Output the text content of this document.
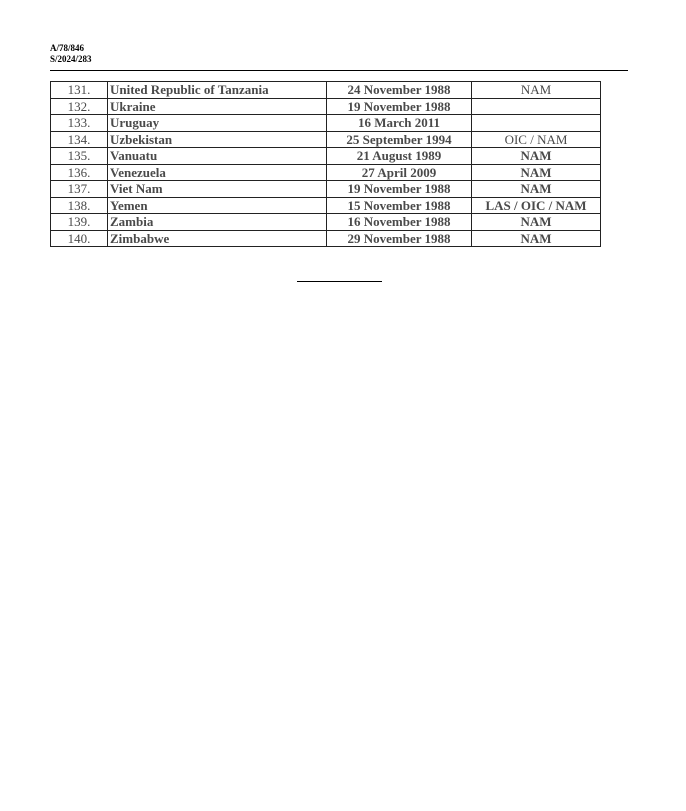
A/78/846
S/2024/283
131.	United Republic of Tanzania	24 November 1988	NAM
132.	Ukraine	19 November 1988	
133.	Uruguay	16 March 2011	
134.	Uzbekistan	25 September 1994	OIC / NAM
135.	Vanuatu	21 August 1989	NAM
136.	Venezuela	27 April 2009	NAM
137.	Viet Nam	19 November 1988	NAM
138.	Yemen	15 November 1988	LAS / OIC / NAM
139.	Zambia	16 November 1988	NAM
140.	Zimbabwe	29 November 1988	NAM
